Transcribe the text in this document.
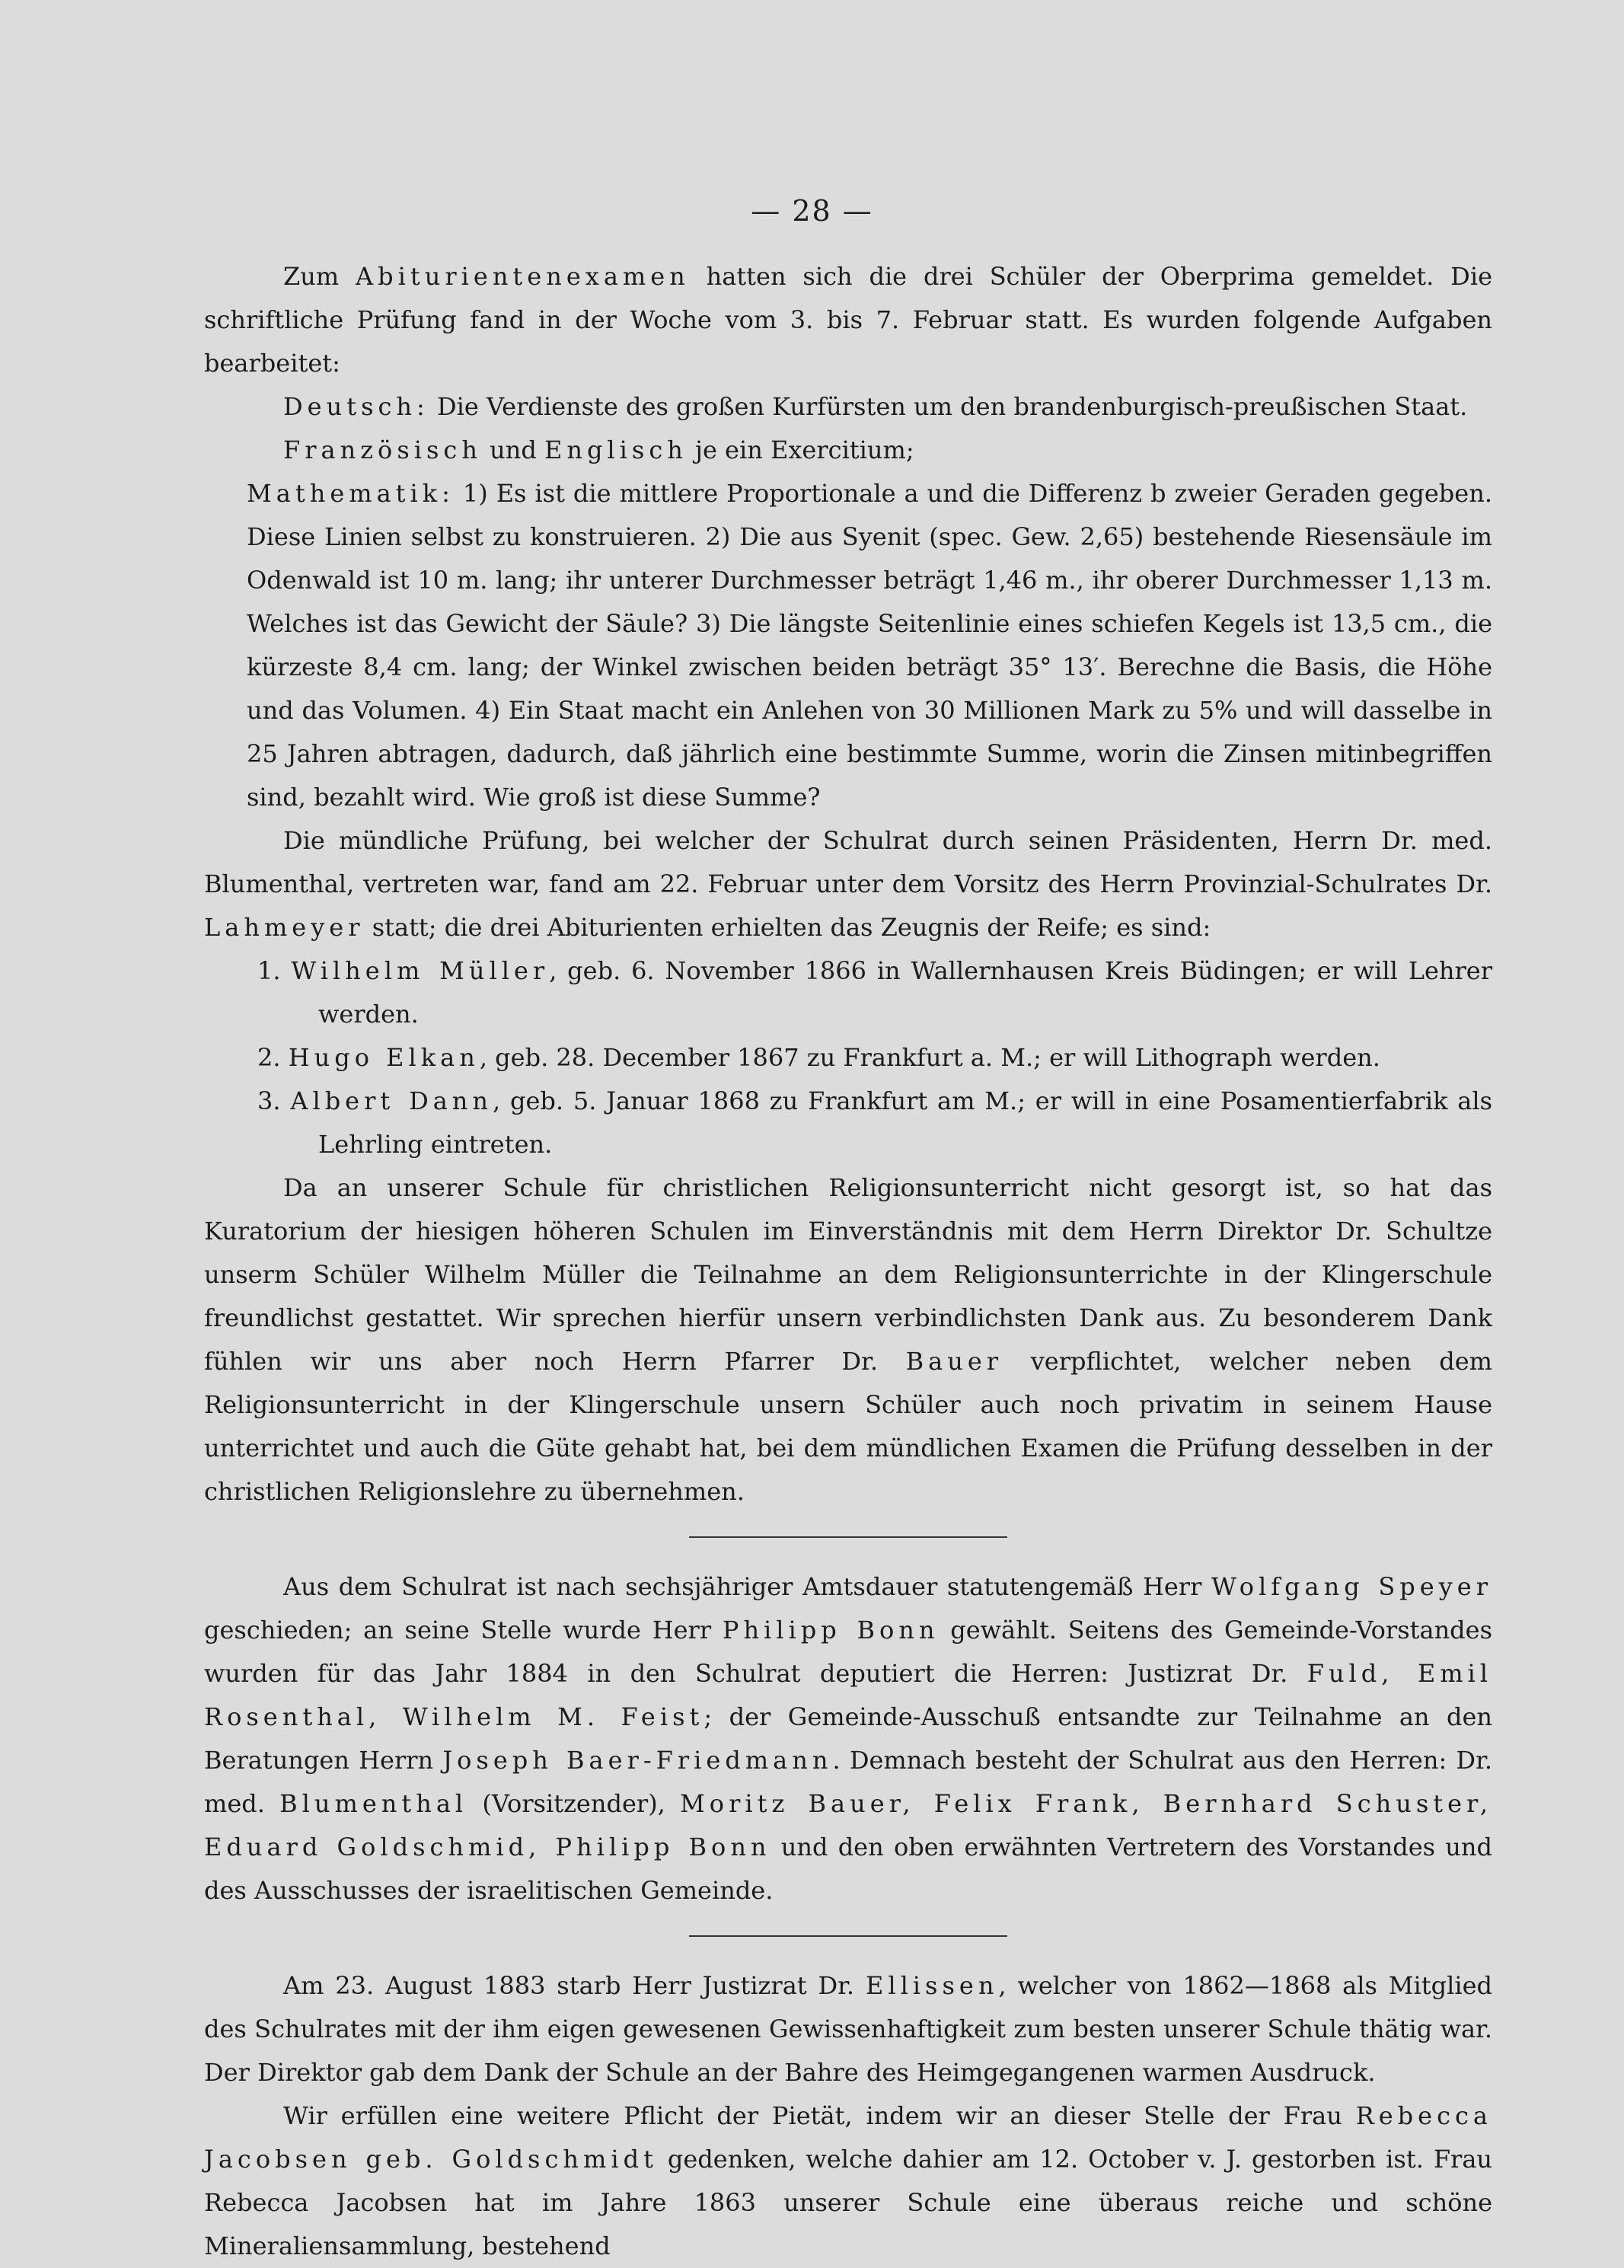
— 28 —

Zum Abiturientenexamen hatten sich die drei Schüler der Oberprima gemeldet. Die schriftliche Prüfung fand in der Woche vom 3. bis 7. Februar statt. Es wurden folgende Aufgaben bearbeitet:

Deutsch: Die Verdienste des großen Kurfürsten um den brandenburgisch-preußischen Staat.

Französisch und Englisch je ein Exercitium;

Mathematik: 1) Es ist die mittlere Proportionale a und die Differenz b zweier Geraden gegeben. Diese Linien selbst zu konstruieren. 2) Die aus Syenit (spec. Gew. 2,65) bestehende Riesensäule im Odenwald ist 10 m. lang; ihr unterer Durchmesser beträgt 1,46 m., ihr oberer Durchmesser 1,13 m. Welches ist das Gewicht der Säule? 3) Die längste Seitenlinie eines schiefen Kegels ist 13,5 cm., die kürzeste 8,4 cm. lang; der Winkel zwischen beiden beträgt 35° 13′. Berechne die Basis, die Höhe und das Volumen. 4) Ein Staat macht ein Anlehen von 30 Millionen Mark zu 5% und will dasselbe in 25 Jahren abtragen, dadurch, daß jährlich eine bestimmte Summe, worin die Zinsen mitinbegriffen sind, bezahlt wird. Wie groß ist diese Summe?

Die mündliche Prüfung, bei welcher der Schulrat durch seinen Präsidenten, Herrn Dr. med. Blumenthal, vertreten war, fand am 22. Februar unter dem Vorsitz des Herrn Provinzial-Schulrates Dr. Lahmeyer statt; die drei Abiturienten erhielten das Zeugnis der Reife; es sind:

1. Wilhelm Müller, geb. 6. November 1866 in Wallernhausen Kreis Büdingen; er will Lehrer werden.

2. Hugo Elkan, geb. 28. December 1867 zu Frankfurt a. M.; er will Lithograph werden.

3. Albert Dann, geb. 5. Januar 1868 zu Frankfurt am M.; er will in eine Posamentierfabrik als Lehrling eintreten.

Da an unserer Schule für christlichen Religionsunterricht nicht gesorgt ist, so hat das Kuratorium der hiesigen höheren Schulen im Einverständnis mit dem Herrn Direktor Dr. Schultze unserm Schüler Wilhelm Müller die Teilnahme an dem Religionsunterrichte in der Klingerschule freundlichst gestattet. Wir sprechen hierfür unsern verbindlichsten Dank aus. Zu besonderem Dank fühlen wir uns aber noch Herrn Pfarrer Dr. Bauer verpflichtet, welcher neben dem Religionsunterricht in der Klingerschule unsern Schüler auch noch privatim in seinem Hause unterrichtet und auch die Güte gehabt hat, bei dem mündlichen Examen die Prüfung desselben in der christlichen Religionslehre zu übernehmen.

Aus dem Schulrat ist nach sechsjähriger Amtsdauer statutengemäß Herr Wolfgang Speyer geschieden; an seine Stelle wurde Herr Philipp Bonn gewählt. Seitens des Gemeinde-Vorstandes wurden für das Jahr 1884 in den Schulrat deputiert die Herren: Justizrat Dr. Fuld, Emil Rosenthal, Wilhelm M. Feist; der Gemeinde-Ausschuß entsandte zur Teilnahme an den Beratungen Herrn Joseph Baer-Friedmann. Demnach besteht der Schulrat aus den Herren: Dr. med. Blumenthal (Vorsitzender), Moritz Bauer, Felix Frank, Bernhard Schuster, Eduard Goldschmid, Philipp Bonn und den oben erwähnten Vertretern des Vorstandes und des Ausschusses der israelitischen Gemeinde.

Am 23. August 1883 starb Herr Justizrat Dr. Ellissen, welcher von 1862—1868 als Mitglied des Schulrates mit der ihm eigen gewesenen Gewissenhaftigkeit zum besten unserer Schule thätig war. Der Direktor gab dem Dank der Schule an der Bahre des Heimgegangenen warmen Ausdruck.

Wir erfüllen eine weitere Pflicht der Pietät, indem wir an dieser Stelle der Frau Rebecca Jacobsen geb. Goldschmidt gedenken, welche dahier am 12. October v. J. gestorben ist. Frau Rebecca Jacobsen hat im Jahre 1863 unserer Schule eine überaus reiche und schöne Mineraliensammlung, bestehend
